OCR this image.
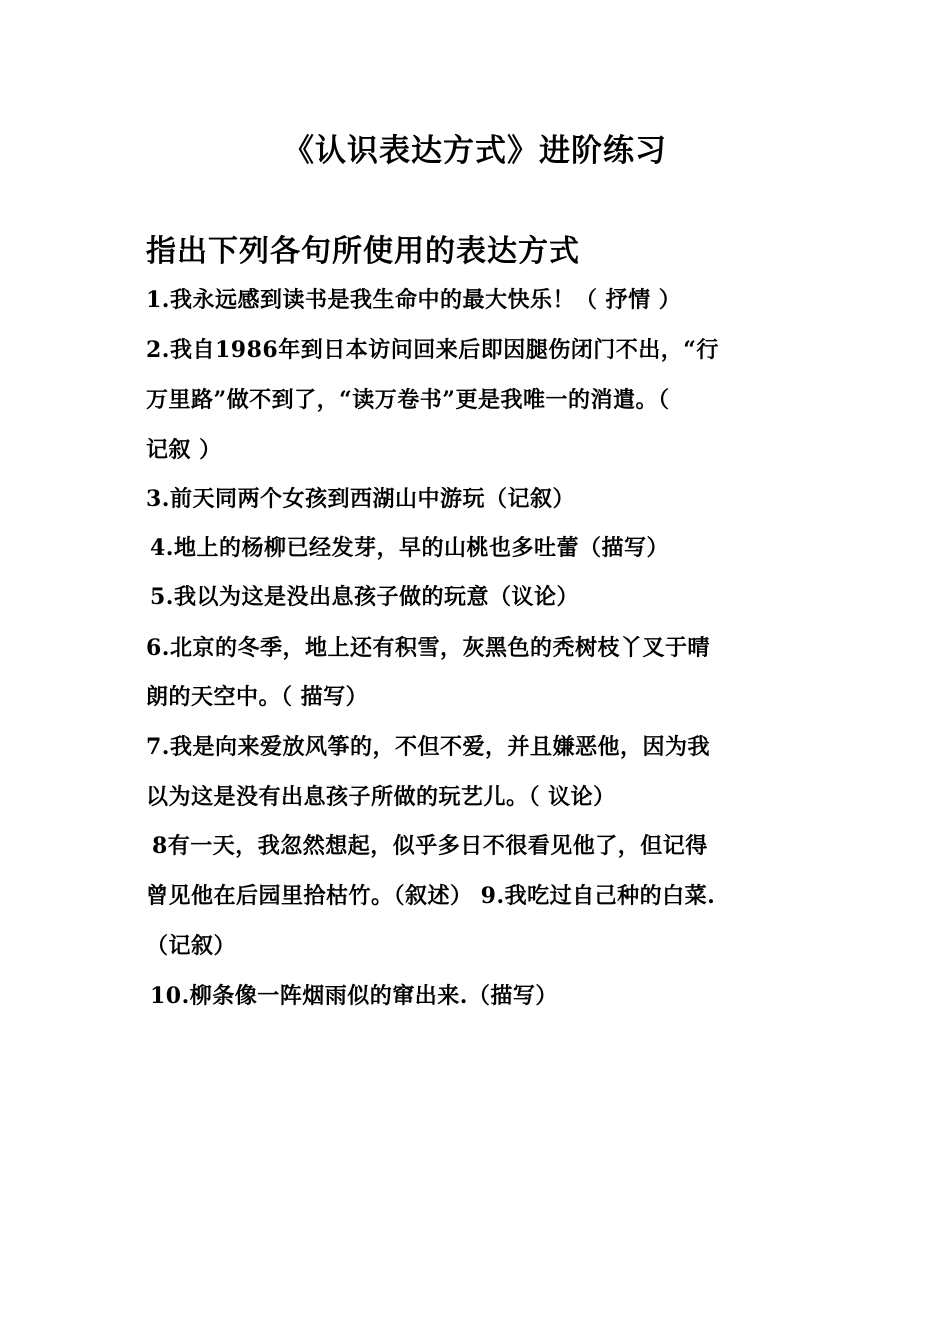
《认识表达方式》进阶练习
指出下列各句所使用的表达方式
1.我永远感到读书是我生命中的最大快乐！（ 抒情 ）
2.我自1986年到日本访问回来后即因腿伤闭门不出，“行
万里路”做不到了，“读万卷书”更是我唯一的消遣。（
记叙 ）
3.前天同两个女孩到西湖山中游玩（记叙）
4.地上的杨柳已经发芽，早的山桃也多吐蕾（描写）
5.我以为这是没出息孩子做的玩意（议论）
6.北京的冬季，地上还有积雪，灰黑色的秃树枝丫叉于晴
朗的天空中。（ 描写）
7.我是向来爱放风筝的，不但不爱，并且嫌恶他，因为我
以为这是没有出息孩子所做的玩艺儿。（ 议论）
8有一天，我忽然想起，似乎多日不很看见他了，但记得
曾见他在后园里拾枯竹。（叙述） 9.我吃过自己种的白菜.
（记叙）
10.柳条像一阵烟雨似的窜出来.（描写）
